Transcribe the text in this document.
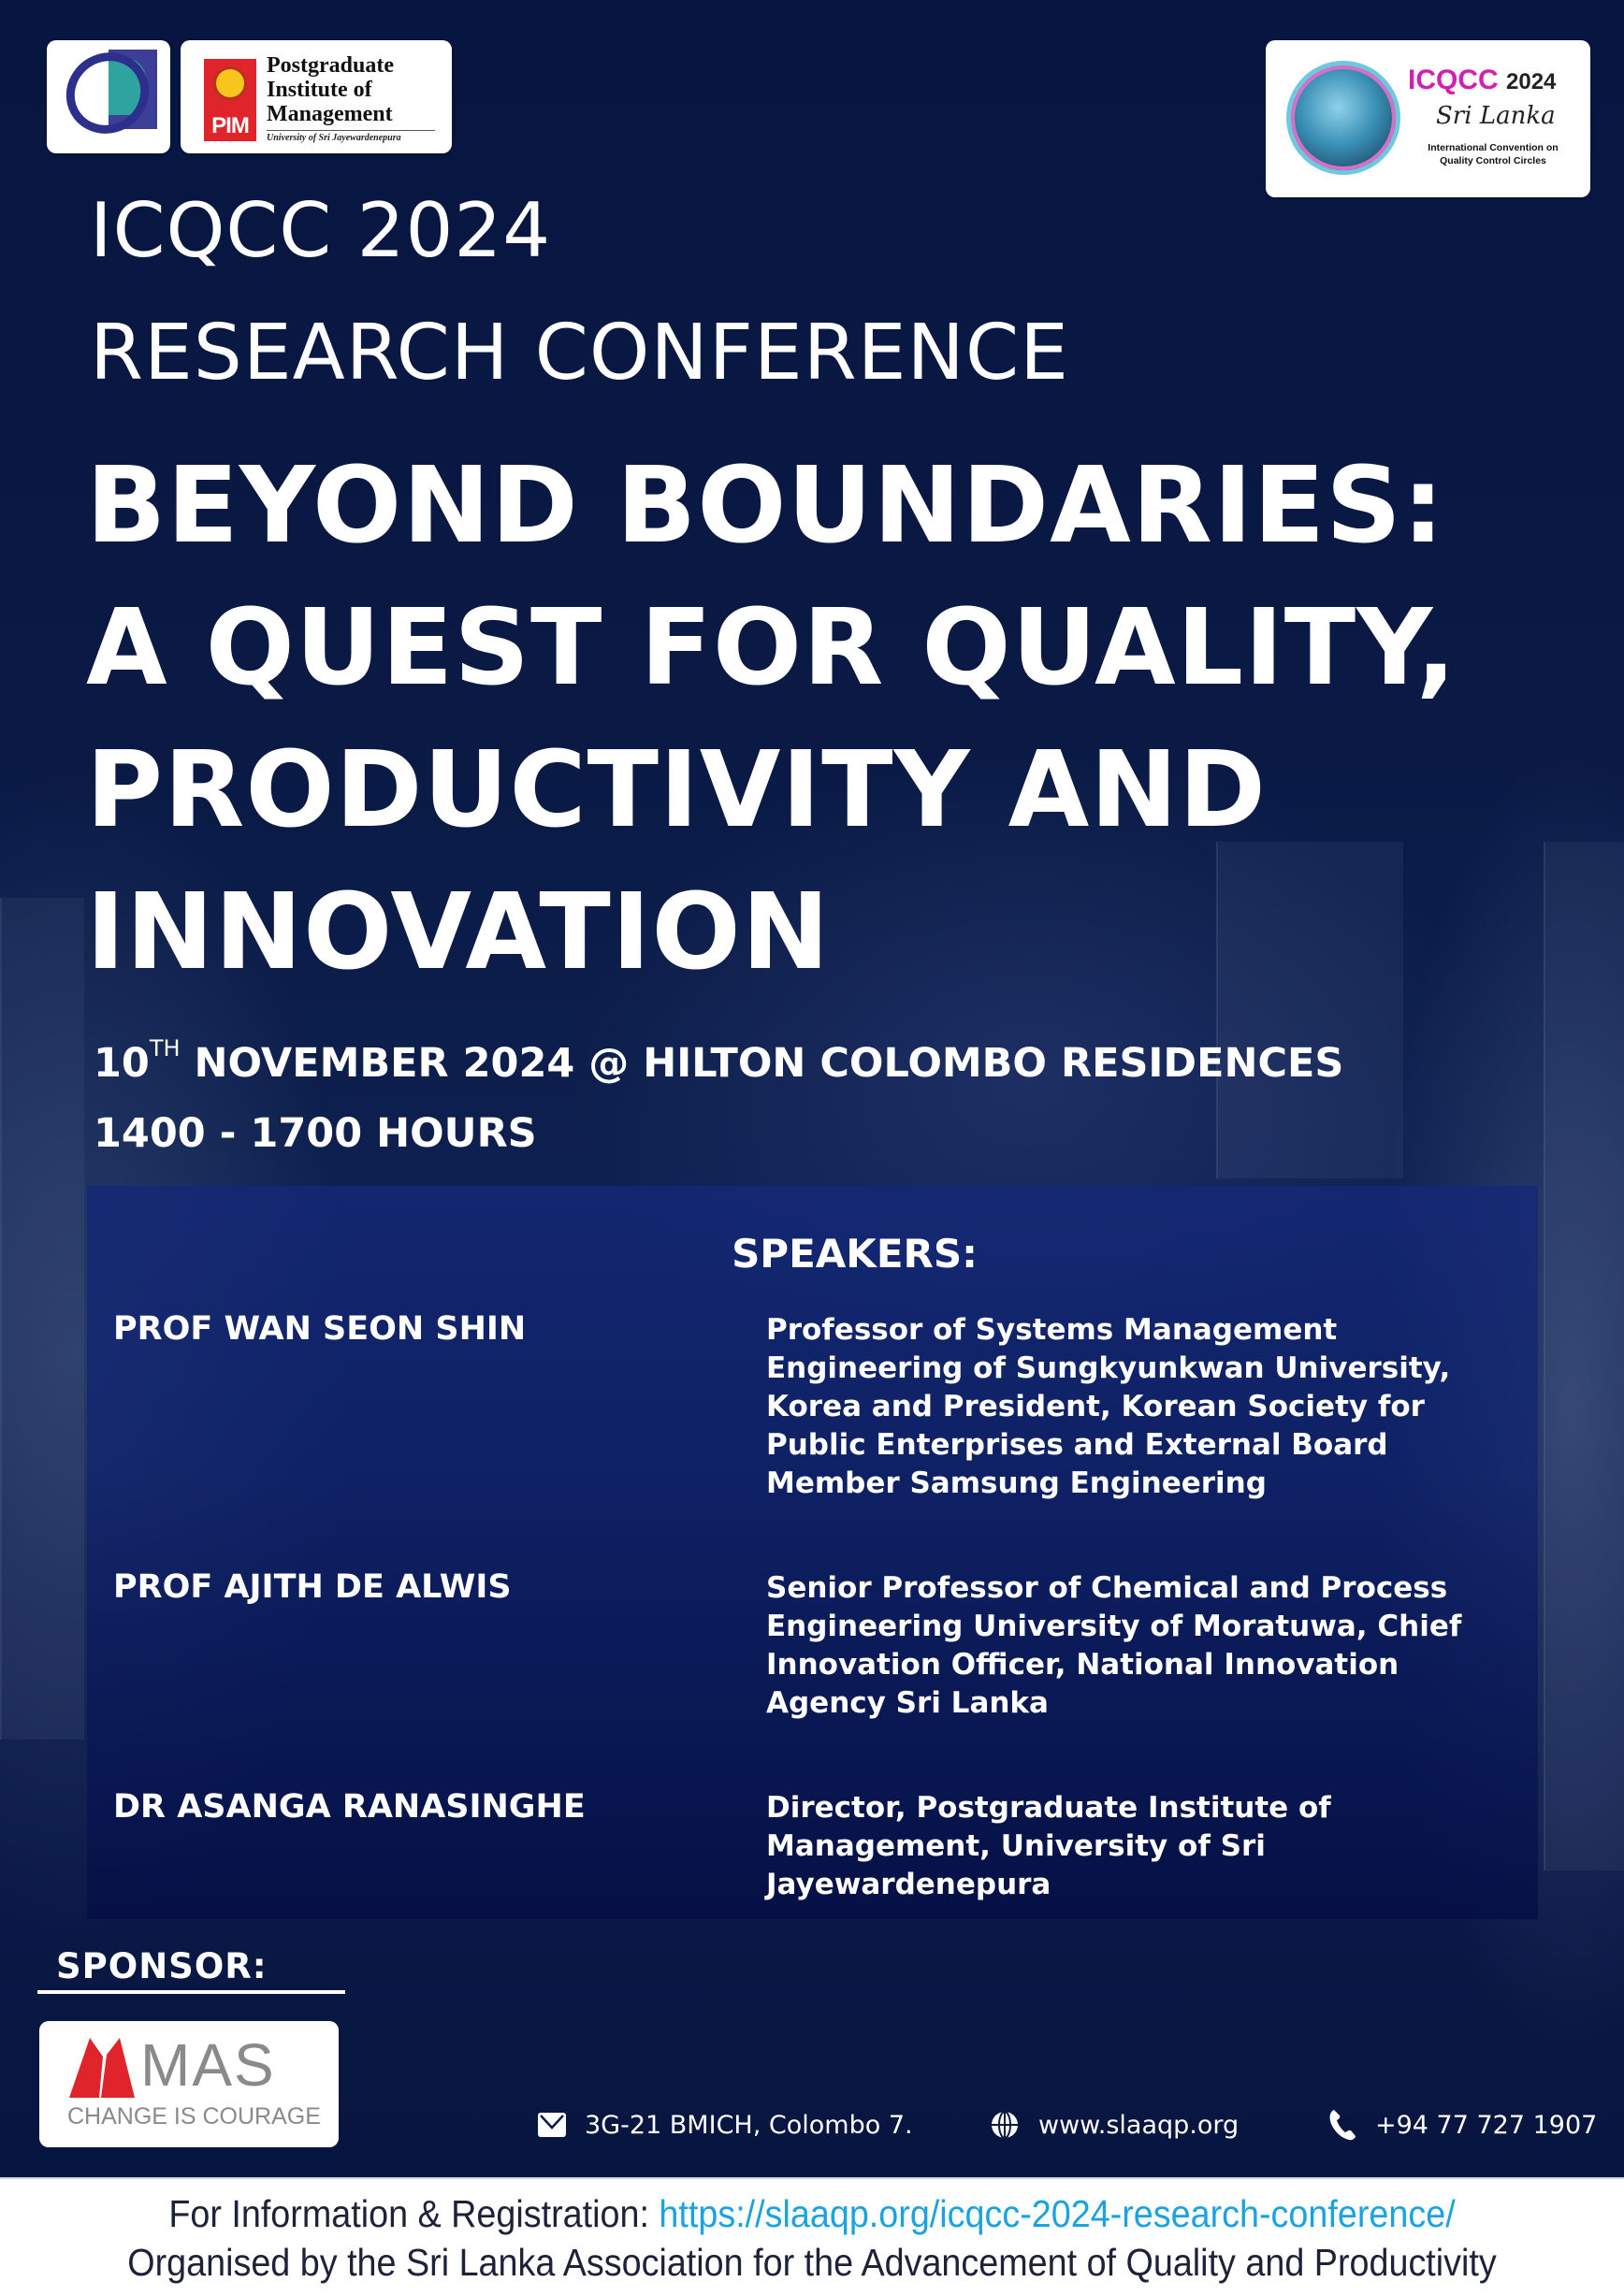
PIM
Postgraduate
Institute of
Management
University of Sri Jayewardenepura
ICQCC 2024
Sri Lanka
International Convention on
Quality Control Circles
ICQCC 2024
RESEARCH CONFERENCE
BEYOND BOUNDARIES:
A QUEST FOR QUALITY,
PRODUCTIVITY AND
INNOVATION
10TH NOVEMBER 2024 @ HILTON COLOMBO RESIDENCES
1400 - 1700 HOURS
SPEAKERS:
PROF WAN SEON SHIN	Professor of Systems Management
Engineering of Sungkyunkwan University,
Korea and President, Korean Society for
Public Enterprises and External Board
Member Samsung Engineering
PROF AJITH DE ALWIS	Senior Professor of Chemical and Process
Engineering University of Moratuwa, Chief
Innovation Officer, National Innovation
Agency Sri Lanka
DR ASANGA RANASINGHE	Director, Postgraduate Institute of
Management, University of Sri Jayewardenepura
SPONSOR:
MAS
CHANGE IS COURAGE	3G-21 BMICH, Colombo 7.	www.slaaqp.org	+94 77 727 1907
For Information & Registration: https://slaaqp.org/icqcc-2024-research-conference/
Organised by the Sri Lanka Association for the Advancement of Quality and Productivity
